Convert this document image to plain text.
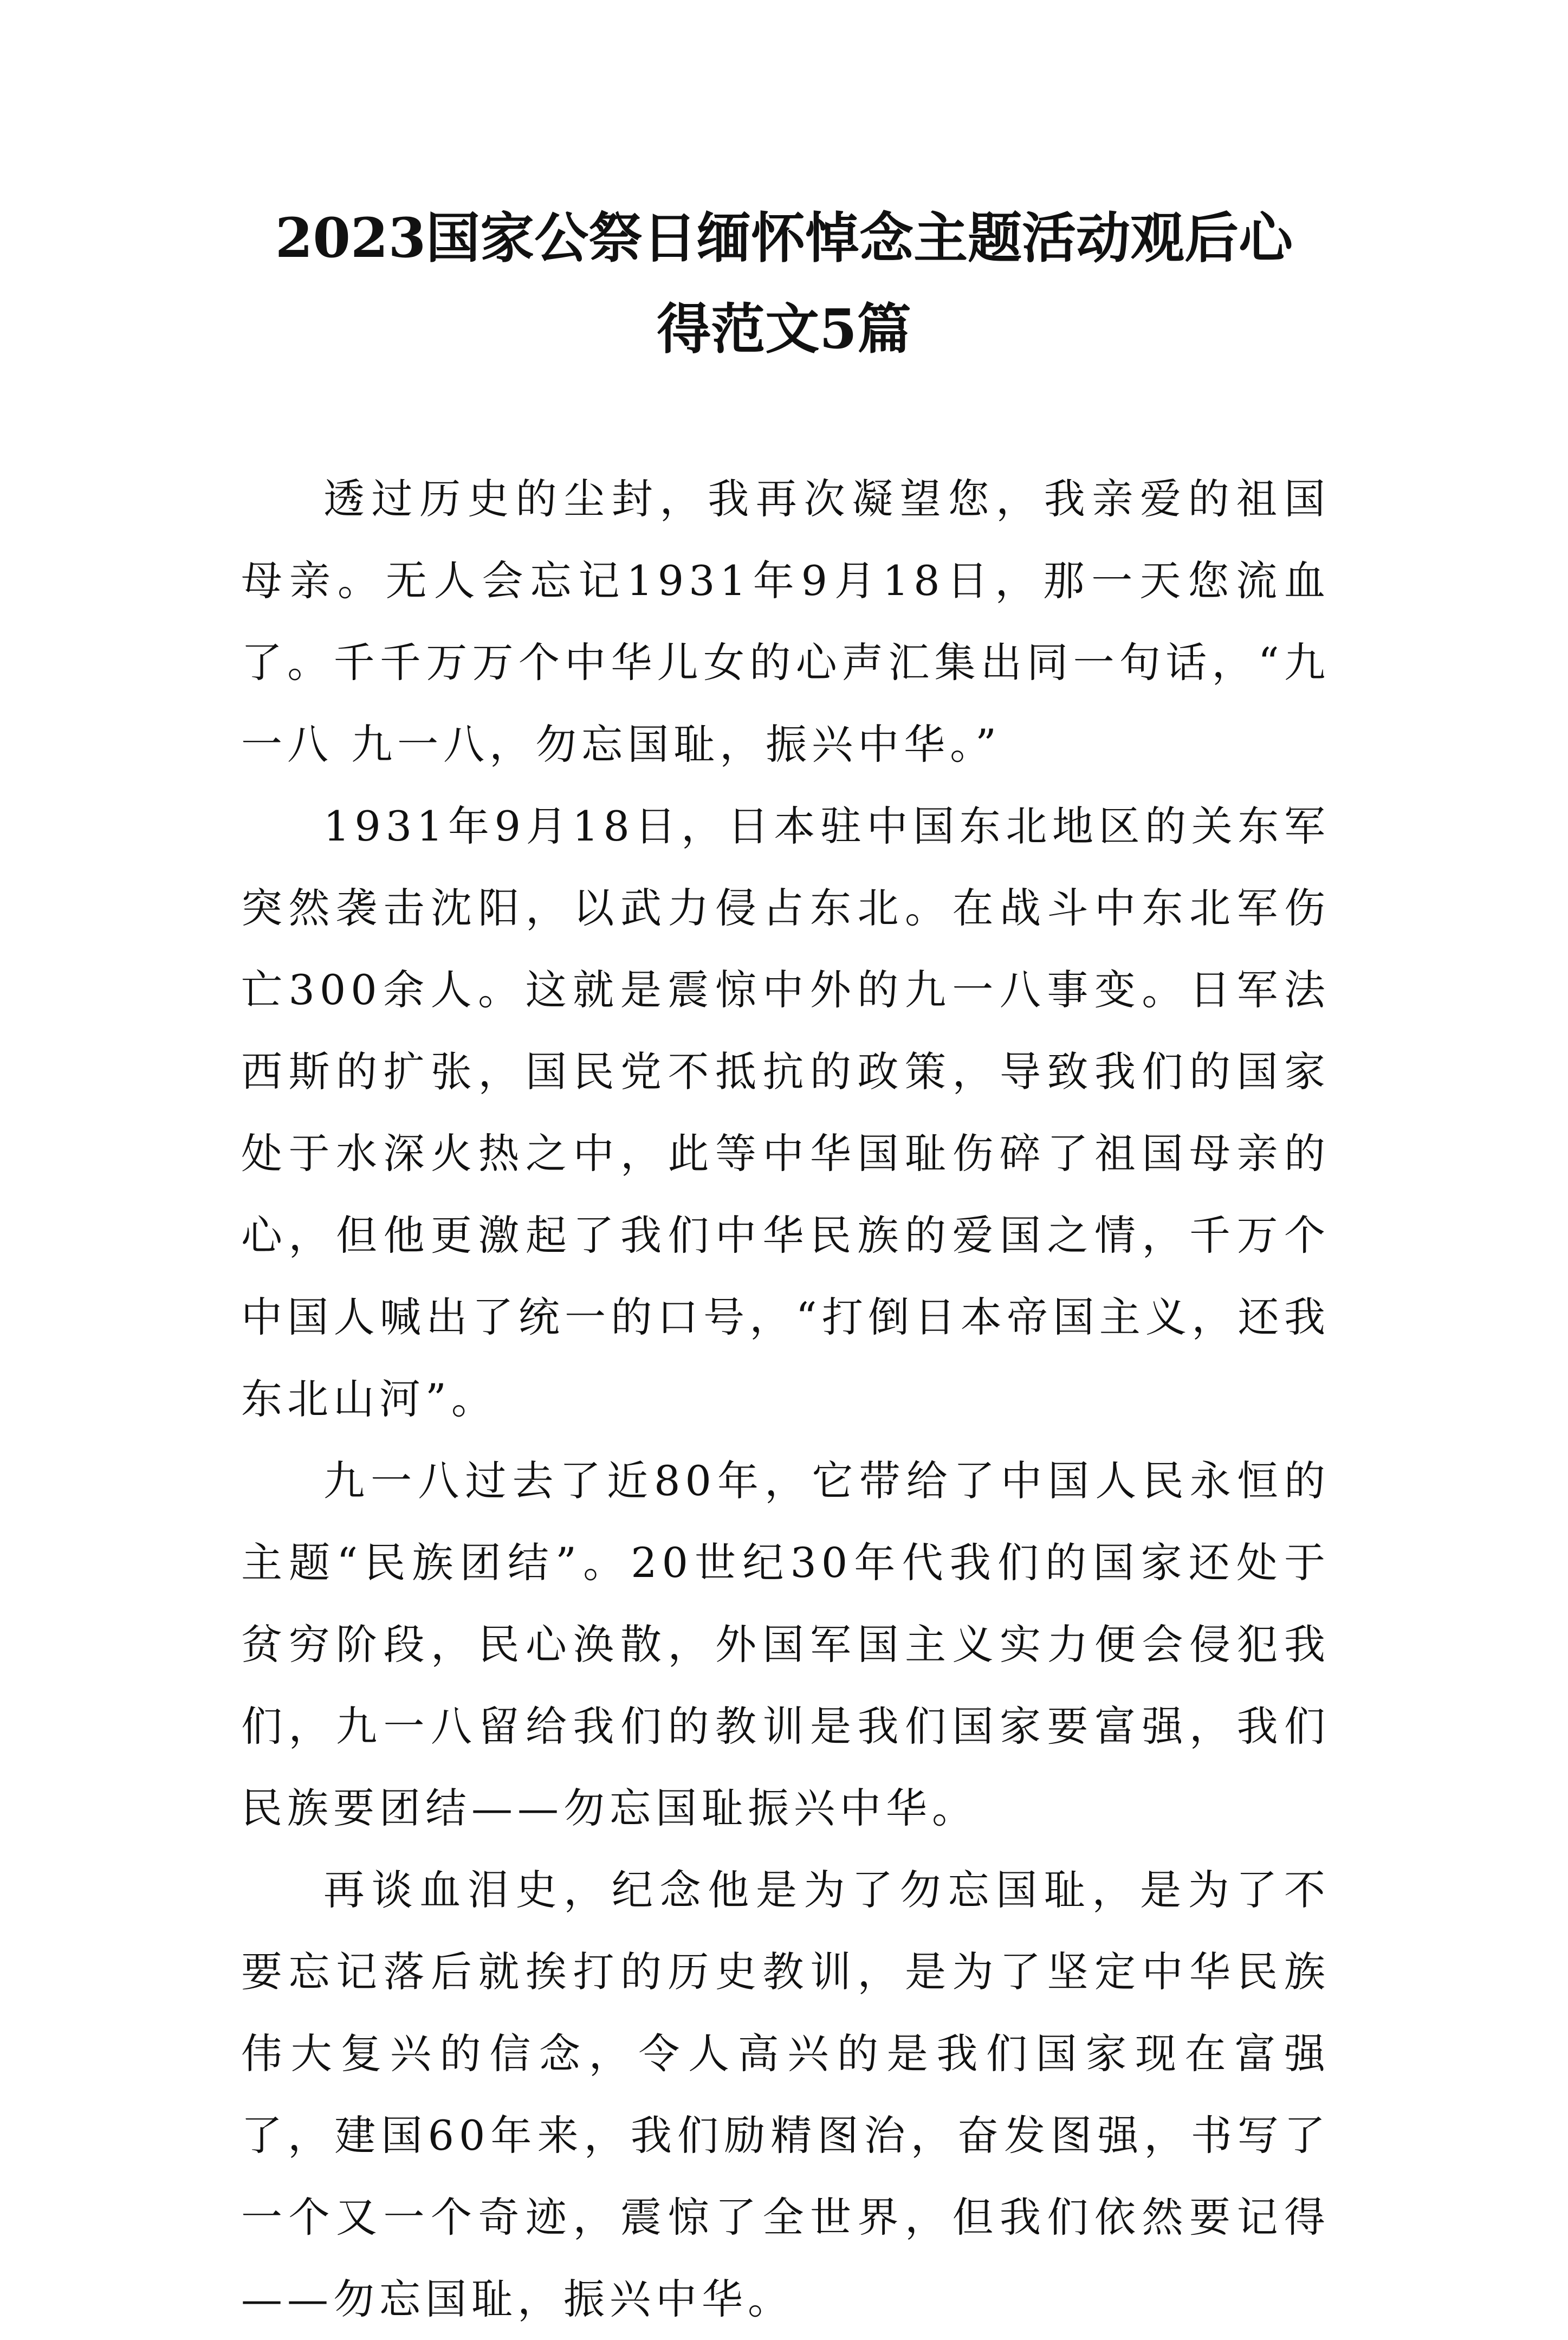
2023国家公祭日缅怀悼念主题活动观后心
得范文5篇

透过历史的尘封，我再次凝望您，我亲爱的祖国母亲。无人会忘记1931年9月18日，那一天您流血了。千千万万个中华儿女的心声汇集出同一句话，“九一八 九一八，勿忘国耻，振兴中华。”

1931年9月18日，日本驻中国东北地区的关东军突然袭击沈阳，以武力侵占东北。在战斗中东北军伤亡300余人。这就是震惊中外的九一八事变。日军法西斯的扩张，国民党不抵抗的政策，导致我们的国家处于水深火热之中，此等中华国耻伤碎了祖国母亲的心，但他更激起了我们中华民族的爱国之情，千万个中国人喊出了统一的口号，“打倒日本帝国主义，还我东北山河”。

九一八过去了近80年，它带给了中国人民永恒的主题“民族团结”。20世纪30年代我们的国家还处于贫穷阶段，民心涣散，外国军国主义实力便会侵犯我们，九一八留给我们的教训是我们国家要富强，我们民族要团结——勿忘国耻振兴中华。

再谈血泪史，纪念他是为了勿忘国耻，是为了不要忘记落后就挨打的历史教训，是为了坚定中华民族伟大复兴的信念，令人高兴的是我们国家现在富强了，建国60年来，我们励精图治，奋发图强，书写了一个又一个奇迹，震惊了全世界，但我们依然要记得——勿忘国耻，振兴中华。
